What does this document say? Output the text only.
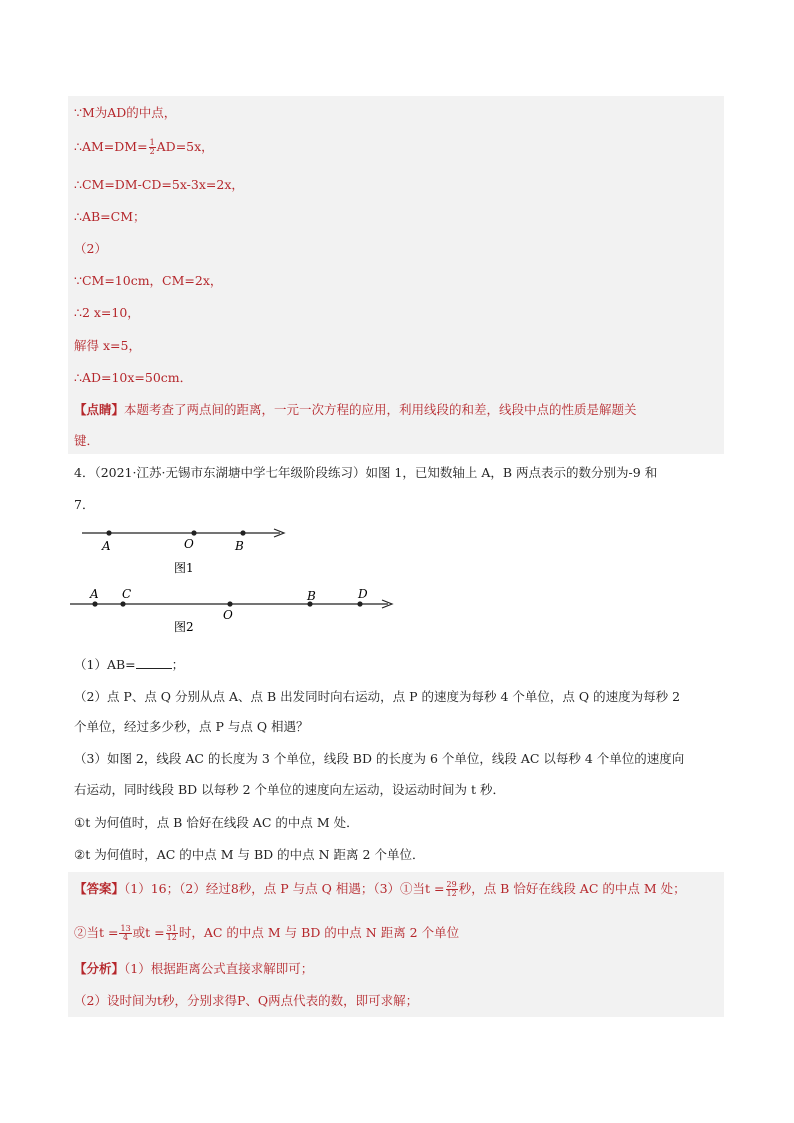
∵M为AD的中点，
∴AM=DM= $\frac{1}{2} AD=5x$，
∴CM=DM-CD=5x-3x=2x，
∴AB=CM；
（2）
∵CM=10cm，CM=2x，
∴2 x=10，
解得 x=5，
∴AD=10x=50cm．
【点睛】本题考查了两点间的距离，一元一次方程的应用，利用线段的和差，线段中点的性质是解题关
键．
4．（2021·江苏·无锡市东湖塘中学七年级阶段练习）如图 1，已知数轴上 A，B 两点表示的数分别为-9 和
7．
A	O	B
图1
A C
O
B	D
图2
（1）AB=	；
（2）点 P、点 Q 分别从点 A、点 B 出发同时向右运动，点 P 的速度为每秒 4 个单位，点 Q 的速度为每秒 2
个单位，经过多少秒，点 P 与点 Q 相遇？
（3）如图 2，线段 AC 的长度为 3 个单位，线段 BD 的长度为 6 个单位，线段 AC 以每秒 4 个单位的速度向
右运动，同时线段 BD 以每秒 2 个单位的速度向左运动，设运动时间为 t 秒．
①t 为何值时，点 B 恰好在线段 AC 的中点 M 处．
②t 为何值时，AC 的中点 M 与 BD 的中点 N 距离 2 个单位．
【答案】（1）16；（2）经过8秒，点 P 与点 Q 相遇；（3）①当$t = \frac{29}{12}$ 秒，点 B 恰好在线段 AC 的中点 M 处；
②当$t = \frac{13}{4}$ 或$t = \frac{31}{12}$ 时，AC 的中点 M 与 BD 的中点 N 距离 2 个单位
【分析】（1）根据距离公式直接求解即可；
（2）设时间为t秒，分别求得P、Q两点代表的数，即可求解；
